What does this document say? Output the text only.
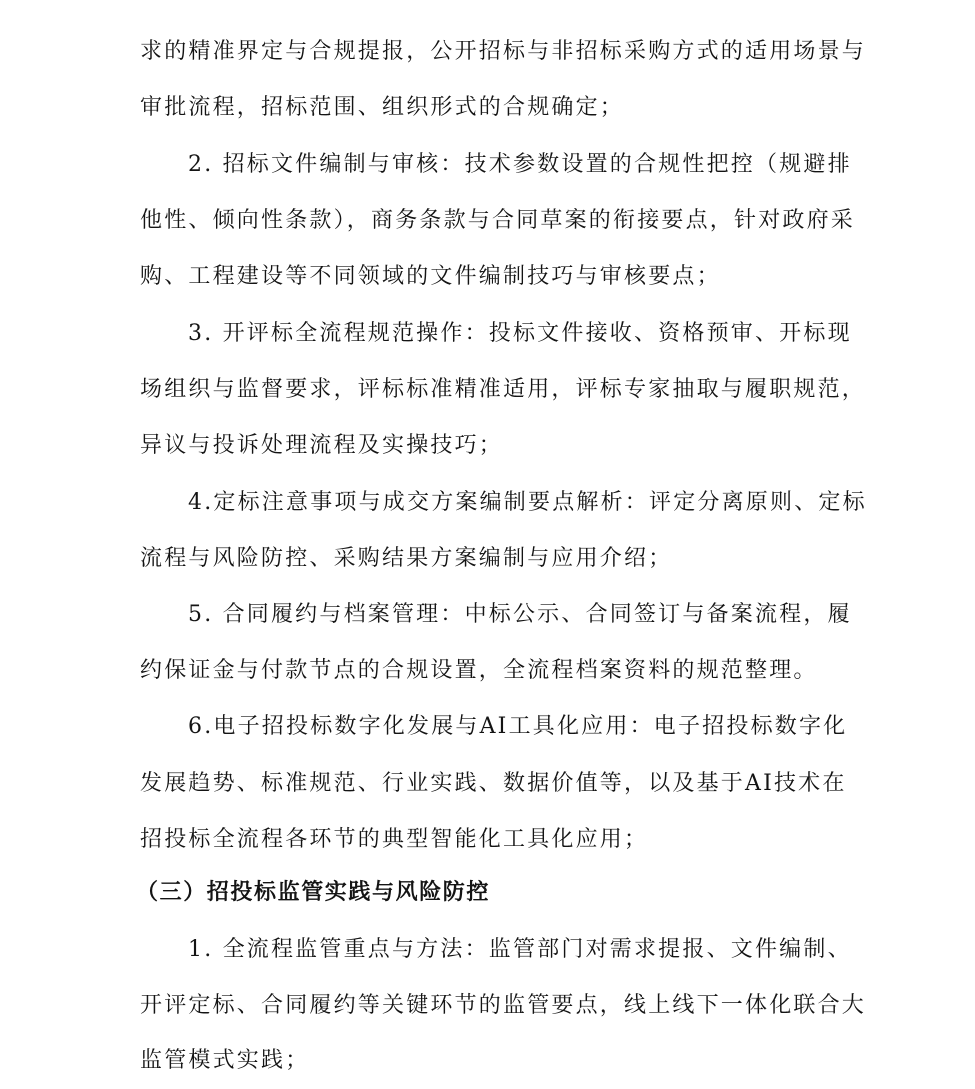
求的精准界定与合规提报，公开招标与非招标采购方式的适用场景与
审批流程，招标范围、组织形式的合规确定；
2. 招标文件编制与审核：技术参数设置的合规性把控（规避排
他性、倾向性条款），商务条款与合同草案的衔接要点，针对政府采
购、工程建设等不同领域的文件编制技巧与审核要点；
3. 开评标全流程规范操作：投标文件接收、资格预审、开标现
场组织与监督要求，评标标准精准适用，评标专家抽取与履职规范，
异议与投诉处理流程及实操技巧；
4.定标注意事项与成交方案编制要点解析：评定分离原则、定标
流程与风险防控、采购结果方案编制与应用介绍；
5. 合同履约与档案管理：中标公示、合同签订与备案流程，履
约保证金与付款节点的合规设置，全流程档案资料的规范整理。
6.电子招投标数字化发展与AI工具化应用：电子招投标数字化
发展趋势、标准规范、行业实践、数据价值等，以及基于AI技术在
招投标全流程各环节的典型智能化工具化应用；
（三）招投标监管实践与风险防控
1. 全流程监管重点与方法：监管部门对需求提报、文件编制、
开评定标、合同履约等关键环节的监管要点，线上线下一体化联合大
监管模式实践；
